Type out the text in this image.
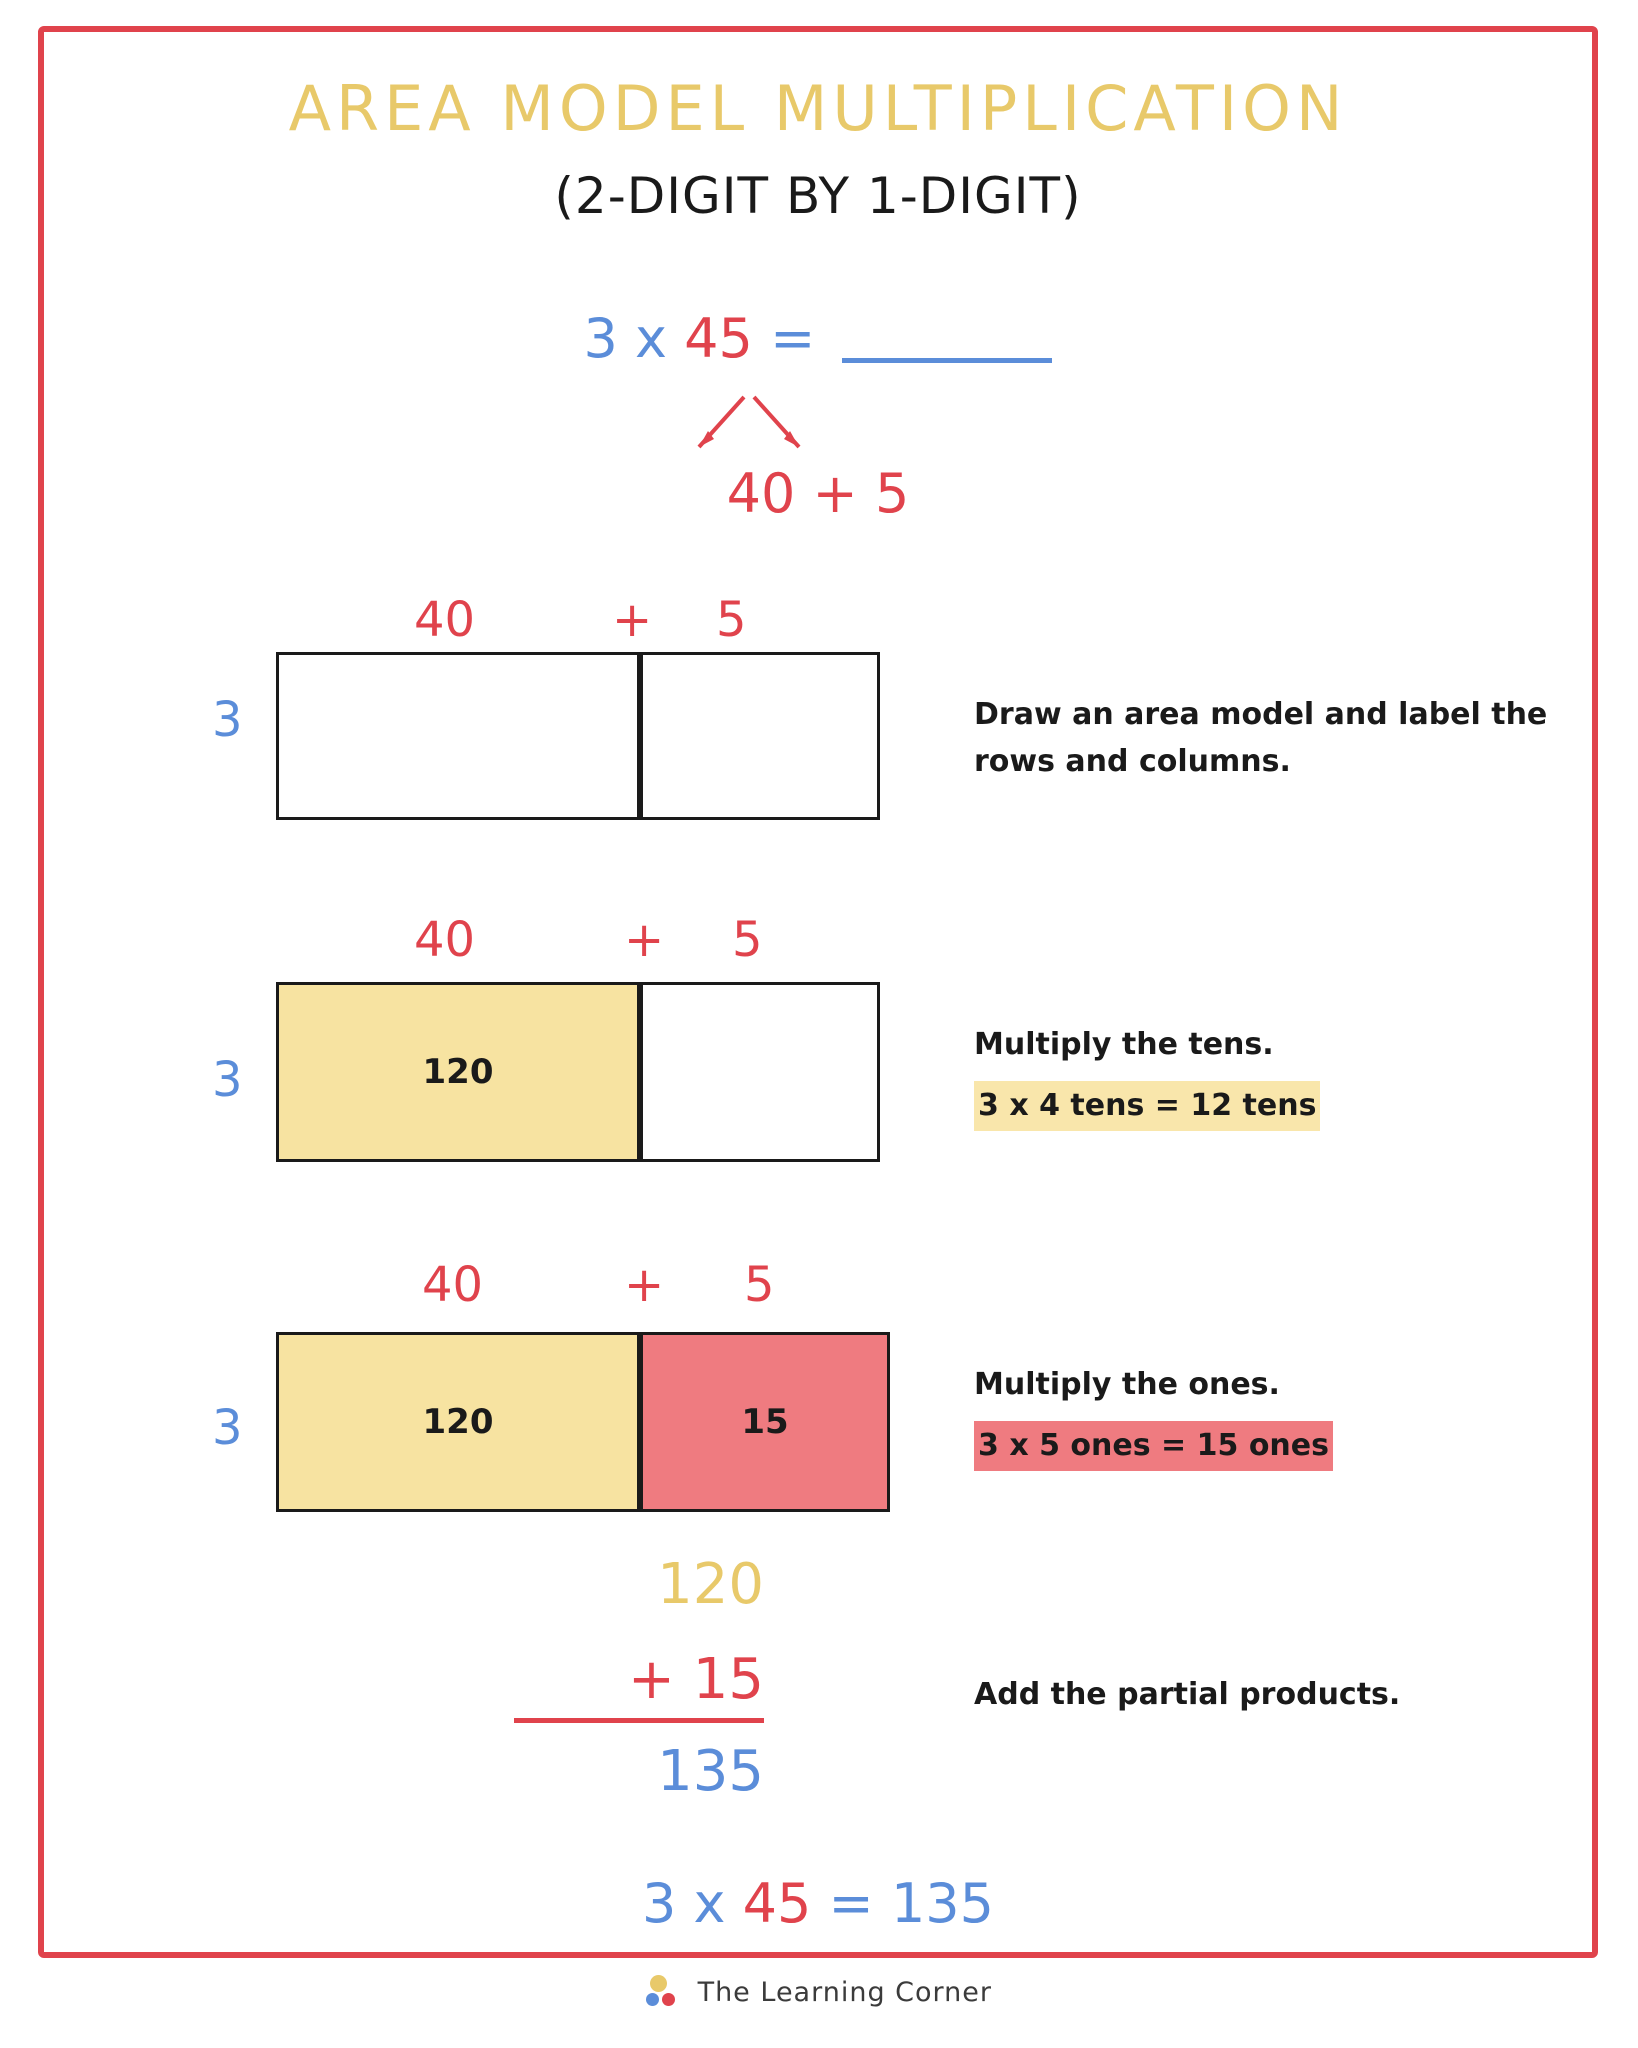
AREA MODEL MULTIPLICATION
(2-DIGIT BY 1-DIGIT)
3 x 45 =
40 + 5
40	+ 5
3	Draw an area model and label the rows and columns.
40	+ 5
3	120
Multiply the tens.
3 x 4 tens = 12 tens
40	+ 5
3	120	15
Multiply the ones.
3 x 5 ones = 15 ones
120
+ 15
135
Add the partial products.
3 x 45 = 135
The Learning Corner
